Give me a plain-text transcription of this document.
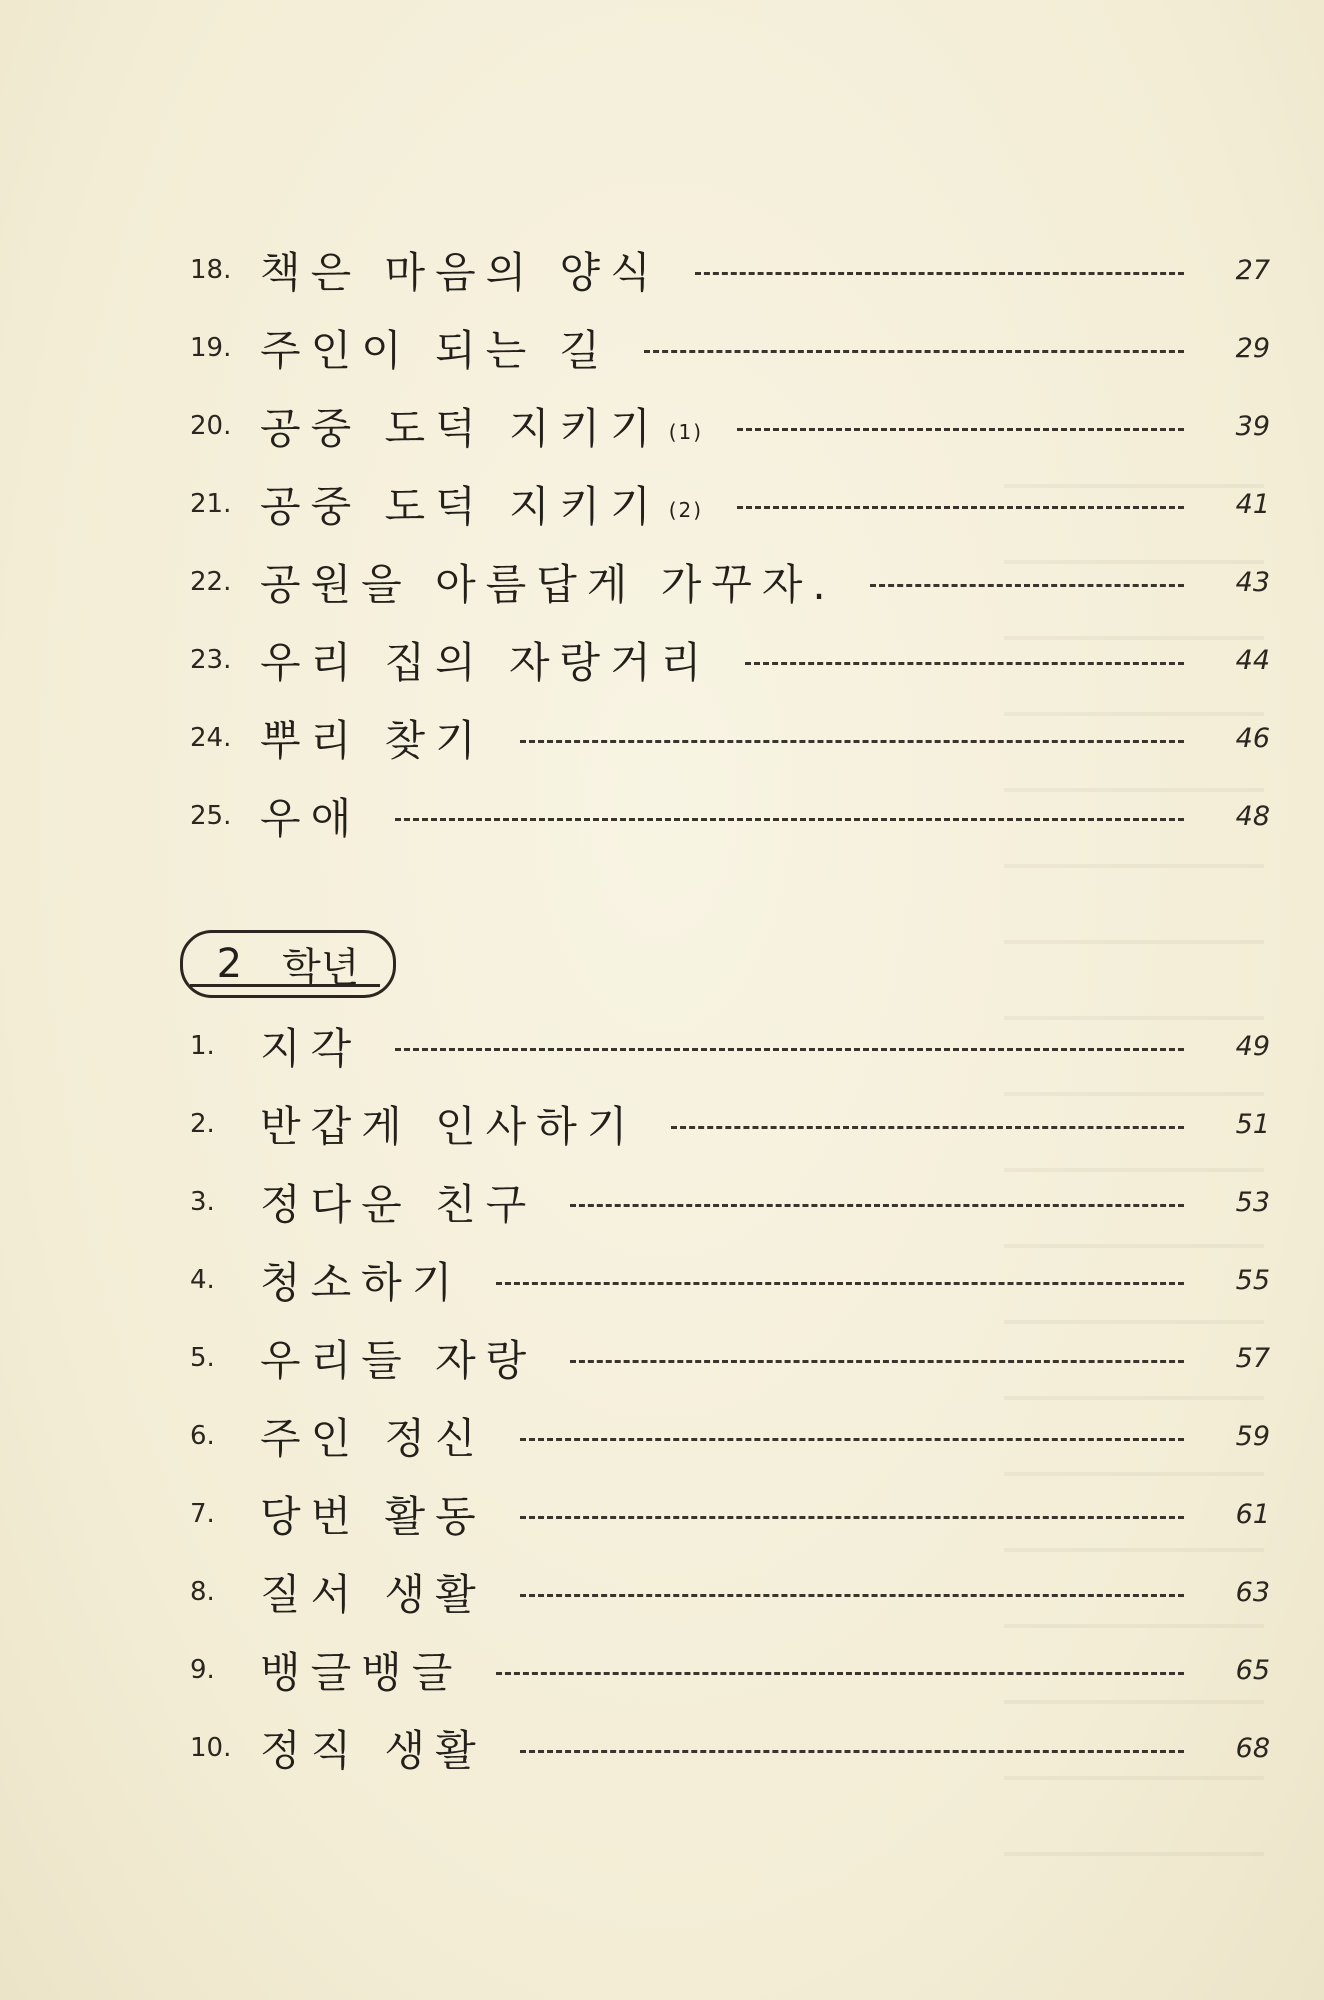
18. 책은 마음의 양식	27
19. 주인이 되는 길	29
20. 공중 도덕 지키기 (1)	39
21. 공중 도덕 지키기 (2)	41
22. 공원을 아름답게 가꾸자.	43
23. 우리 집의 자랑거리	44
24. 뿌리 찾기	46
25. 우애	48
2 학년
1.	지각	49
2.	반갑게 인사하기	51
3.	정다운 친구	53
4.	청소하기	55
5.	우리들 자랑	57
6.	주인 정신	59
7.	당번 활동	61
8.	질서 생활	63
9.	뱅글뱅글	65
10. 정직 생활	68
